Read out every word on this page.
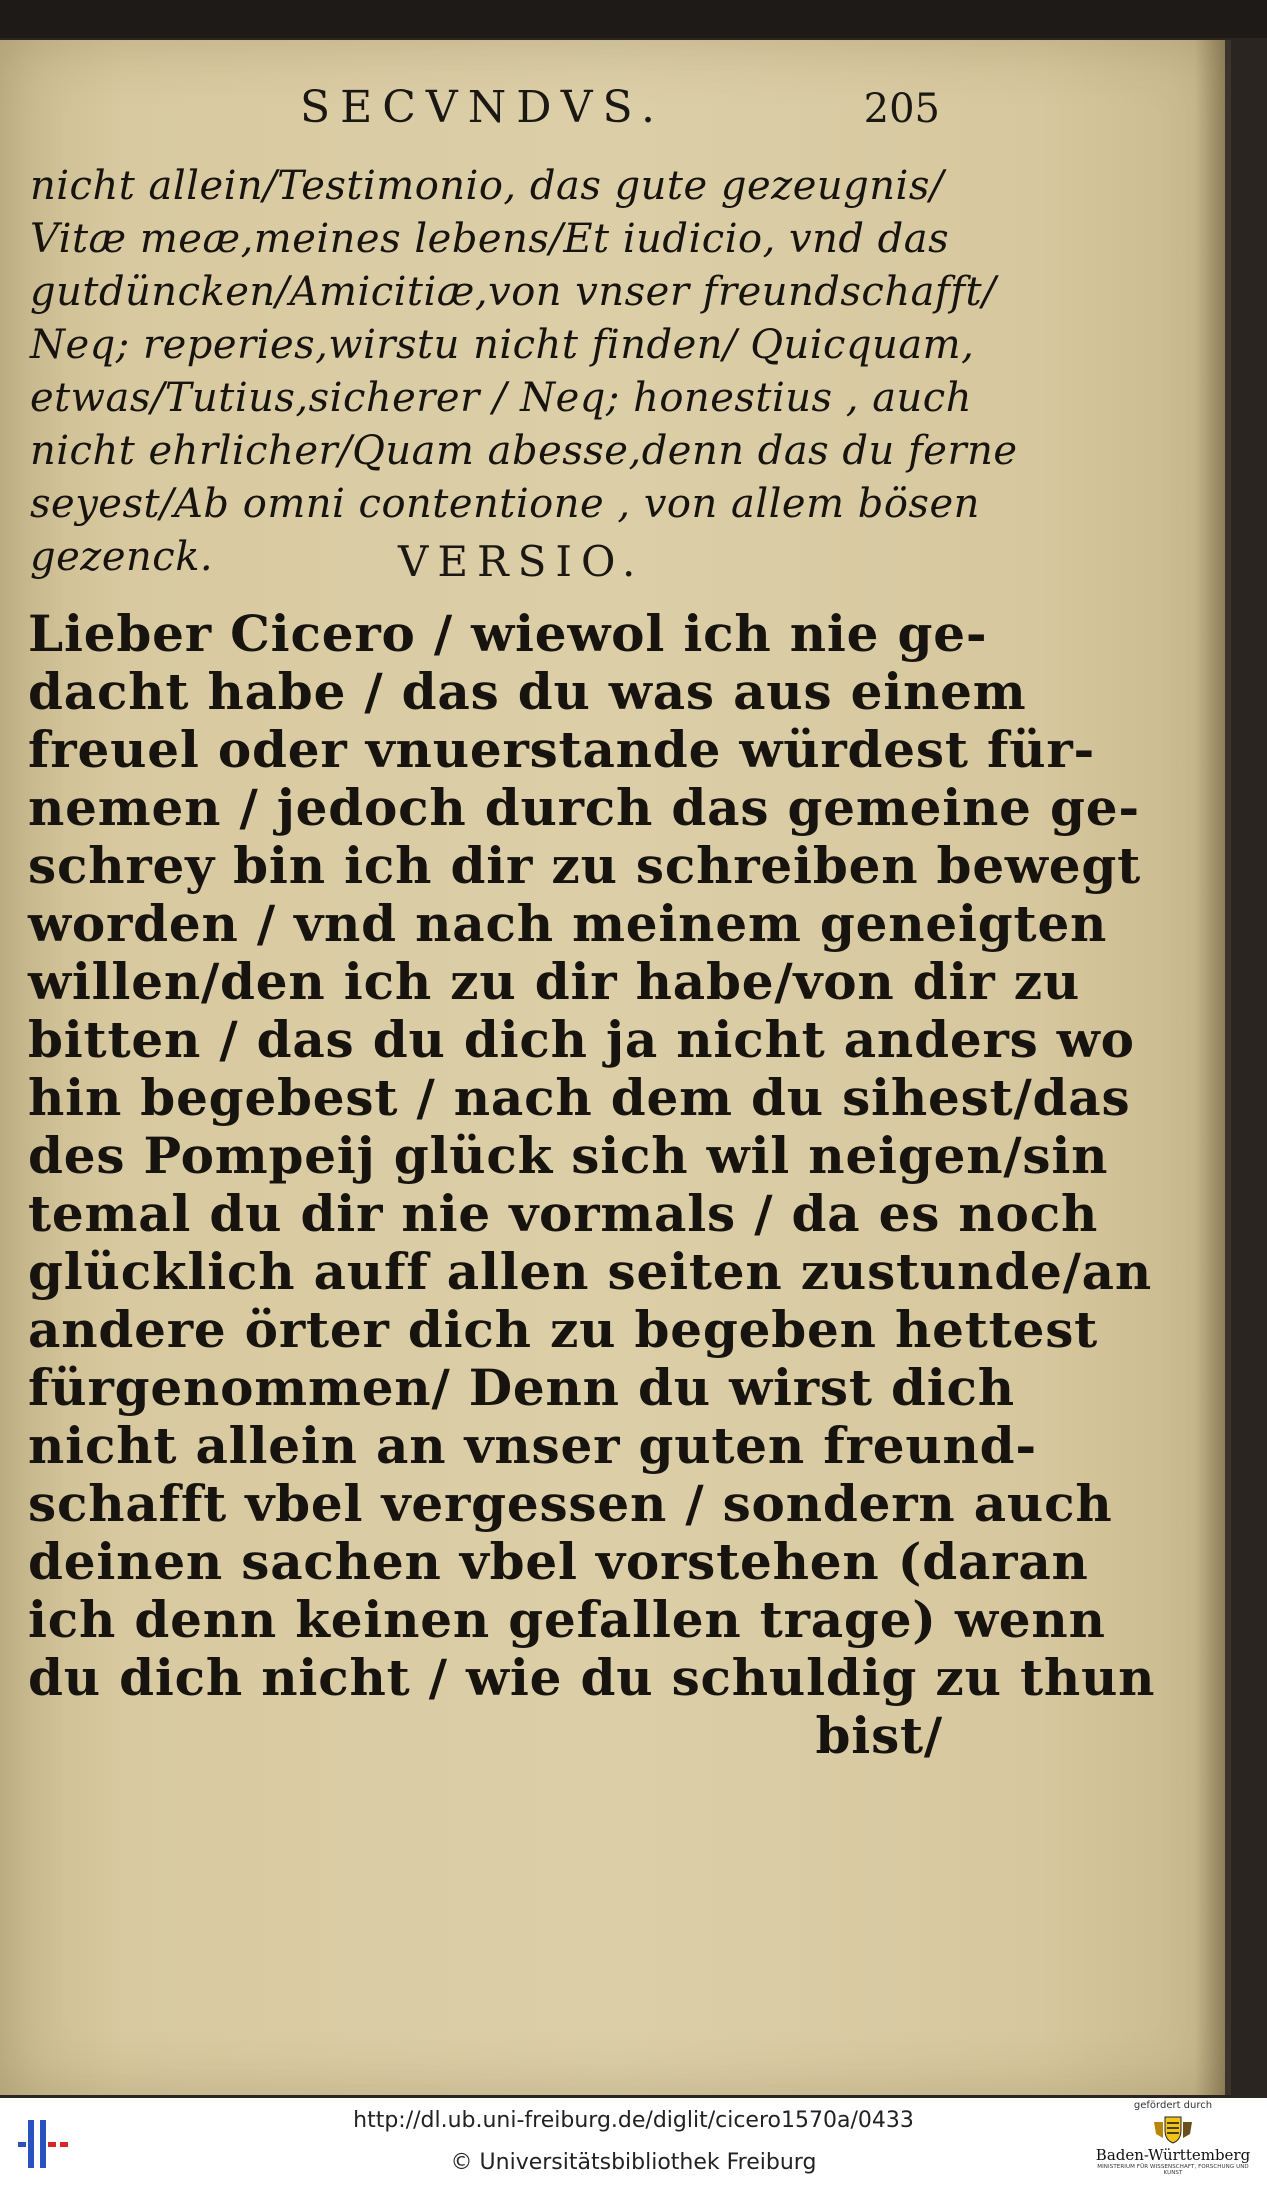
SECVNDVS.	205
nicht allein/Testimonio, das gute gezeugnis/
Vitæ meæ,meines lebens/Et iudicio, vnd das
gutdüncken/Amicitiæ,von vnser freundschafft/
Neq; reperies,wirstu nicht finden/ Quicquam,
etwas/Tutius,sicherer / Neq; honestius , auch
nicht ehrlicher/Quam abesse,denn das du ferne
seyest/Ab omni contentione , von allem bösen
gezenck.	VERSIO.
Lieber Cicero / wiewol ich nie ge-
dacht habe / das du was aus einem
freuel oder vnuerstande würdest für-
nemen / jedoch durch das gemeine ge-
schrey bin ich dir zu schreiben bewegt
worden / vnd nach meinem geneigten
willen/den ich zu dir habe/von dir zu
bitten / das du dich ja nicht anders wo
hin begebest / nach dem du sihest/das
des Pompeij glück sich wil neigen/sin
temal du dir nie vormals / da es noch
glücklich auff allen seiten zustunde/an
andere örter dich zu begeben hettest
fürgenommen/ Denn du wirst dich
nicht allein an vnser guten freund-
schafft vbel vergessen / sondern auch
deinen sachen vbel vorstehen (daran
ich denn keinen gefallen trage) wenn
du dich nicht / wie du schuldig zu thun
bist/
http://dl.ub.uni-freiburg.de/diglit/cicero1570a/0433
© Universitätsbibliothek Freiburg
gefördert durch
Baden-Württemberg
MINISTERIUM FÜR WISSENSCHAFT, FORSCHUNG UND KUNST
